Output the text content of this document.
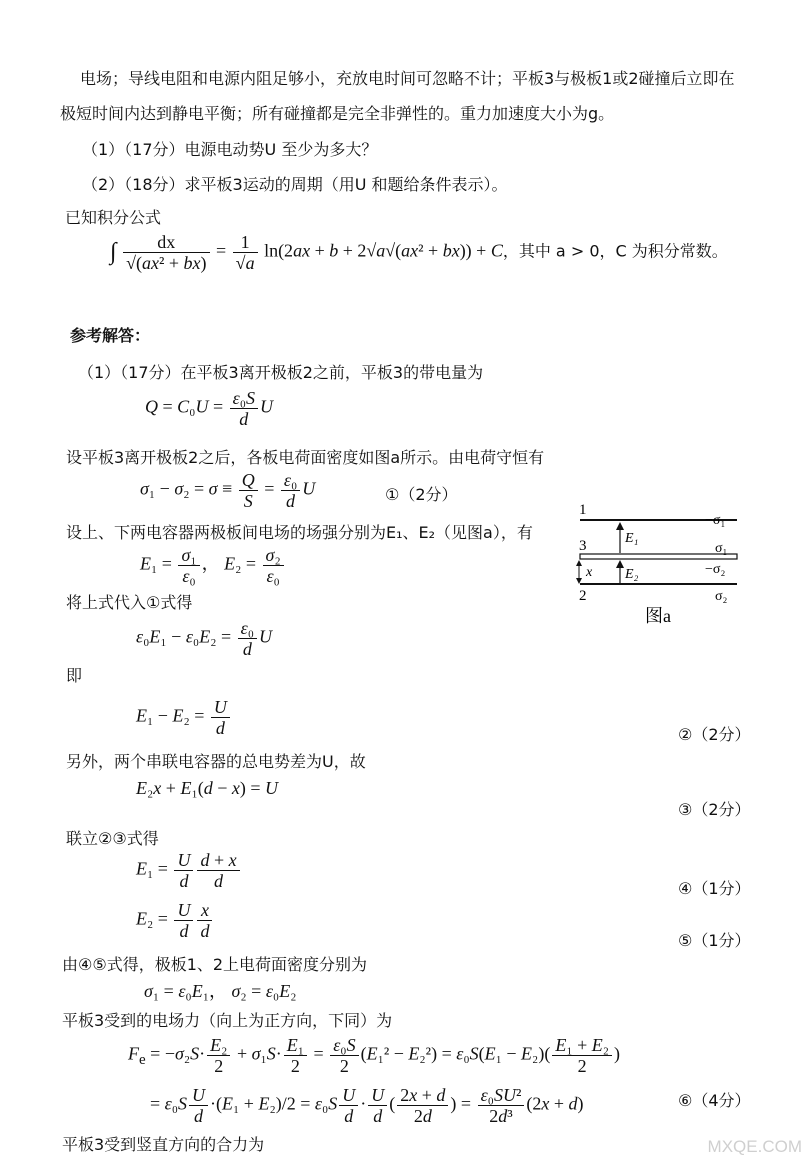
电场；导线电阻和电源内阻足够小，充放电时间可忽略不计；平板3与极板1或2碰撞后立即在
极短时间内达到静电平衡；所有碰撞都是完全非弹性的。重力加速度大小为g。
（1）（17分）电源电动势U 至少为多大？
（2）（18分）求平板3运动的周期（用U 和题给条件表示）。
已知积分公式
∫ $\frac{dx}{\text{√(ax² + bx)}} = \frac{1}{√a} \ln(2ax + b + 2√a√(ax^2 + bx)) + C$，其中 a > 0，C 为积分常数。
参考解答：
（1）（17分）在平板3离开极板2之前，平板3的带电量为
$Q = C_0U = \frac{\text{ε₀S}}{d}$ U
设平板3离开极板2之后，各板电荷面密度如图a所示。由电荷守恒有
$\sigma_1 - \sigma_2 = \sigma \equiv \frac{Q}{S} = \frac{\text{ε₀}}{d}$ U	①（2分）
设上、下两电容器两极板间电场的场强分别为E₁、E₂（见图a），有
$E_1 = \frac{\text{σ₁}}{\text{ε₀}}$ ， $E_2 = \frac{\text{σ₂}}{\text{ε₀}}$
将上式代入①式得
$\varepsilon_0E_1 - \varepsilon_0E_2 = \frac{\text{ε₀}}{d}$ U
即
$E_1 - E_2 = \frac{U}{d}$	②（2分）
另外，两个串联电容器的总电势差为U，故
E₂x + E₁(d − x) = U
③（2分）
联立②③式得
$E_1 = \frac{U}{d} \frac{d + x}{d}$	④（1分）
$E_2 = \frac{U}{d} \frac{x}{d}$	⑤（1分）
由④⑤式得，极板1、2上电荷面密度分别为
σ₁ = ε₀E₁， σ₂ = ε₀E₂
平板3受到的电场力（向上为正方向，下同）为
$F_e = -\sigma_2S\cdot \frac{\text{E₂}}{2} + \sigma_1S\cdot \frac{\text{E₁}}{2} = \frac{\text{ε₀S}}{2} (E_1^2 - E_2^2) = \varepsilon_0S(E_1 - E_2)( \frac{\text{E₁ + E₂}}{2}$ )
= $\varepsilon_0S \frac{U}{d} \cdot(E_1 + E_2)/2 = \varepsilon_0S \frac{U}{d} \cdot \frac{U}{d}$ ( $\frac{2x + d}{2d}$ ) = $\frac{\text{ε₀SU²}}{\text{2d³}} (2x + d)$	⑥（4分）
平板3受到竖直方向的合力为
1
−σ₁
3	σ₁
−σ₂
2	σ₂
E₁
E₂
x
图a
MXQE.COM
